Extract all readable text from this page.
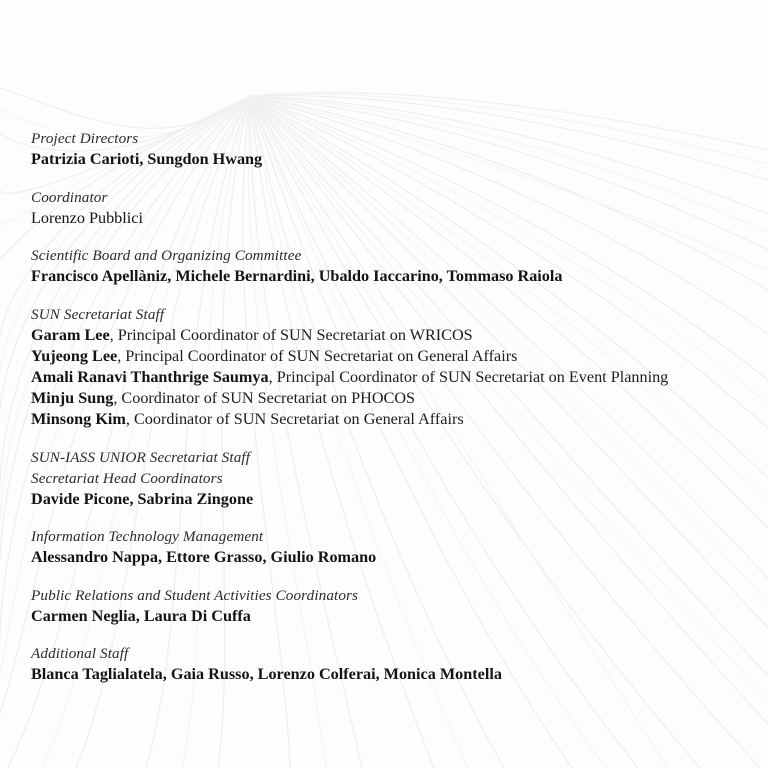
Project Directors
Patrizia Carioti, Sungdon Hwang
Coordinator
Lorenzo Pubblici
Scientific Board and Organizing Committee
Francisco Apellàniz, Michele Bernardini, Ubaldo Iaccarino, Tommaso Raiola
SUN Secretariat Staff
Garam Lee, Principal Coordinator of SUN Secretariat on WRICOS
Yujeong Lee, Principal Coordinator of SUN Secretariat on General Affairs
Amali Ranavi Thanthrige Saumya, Principal Coordinator of SUN Secretariat on Event Planning
Minju Sung, Coordinator of SUN Secretariat on PHOCOS
Minsong Kim, Coordinator of SUN Secretariat on General Affairs
SUN-IASS UNIOR Secretariat Staff
Secretariat Head Coordinators
Davide Picone, Sabrina Zingone
Information Technology Management
Alessandro Nappa, Ettore Grasso, Giulio Romano
Public Relations and Student Activities Coordinators
Carmen Neglia, Laura Di Cuffa
Additional Staff
Blanca Taglialatela, Gaia Russo, Lorenzo Colferai, Monica Montella
